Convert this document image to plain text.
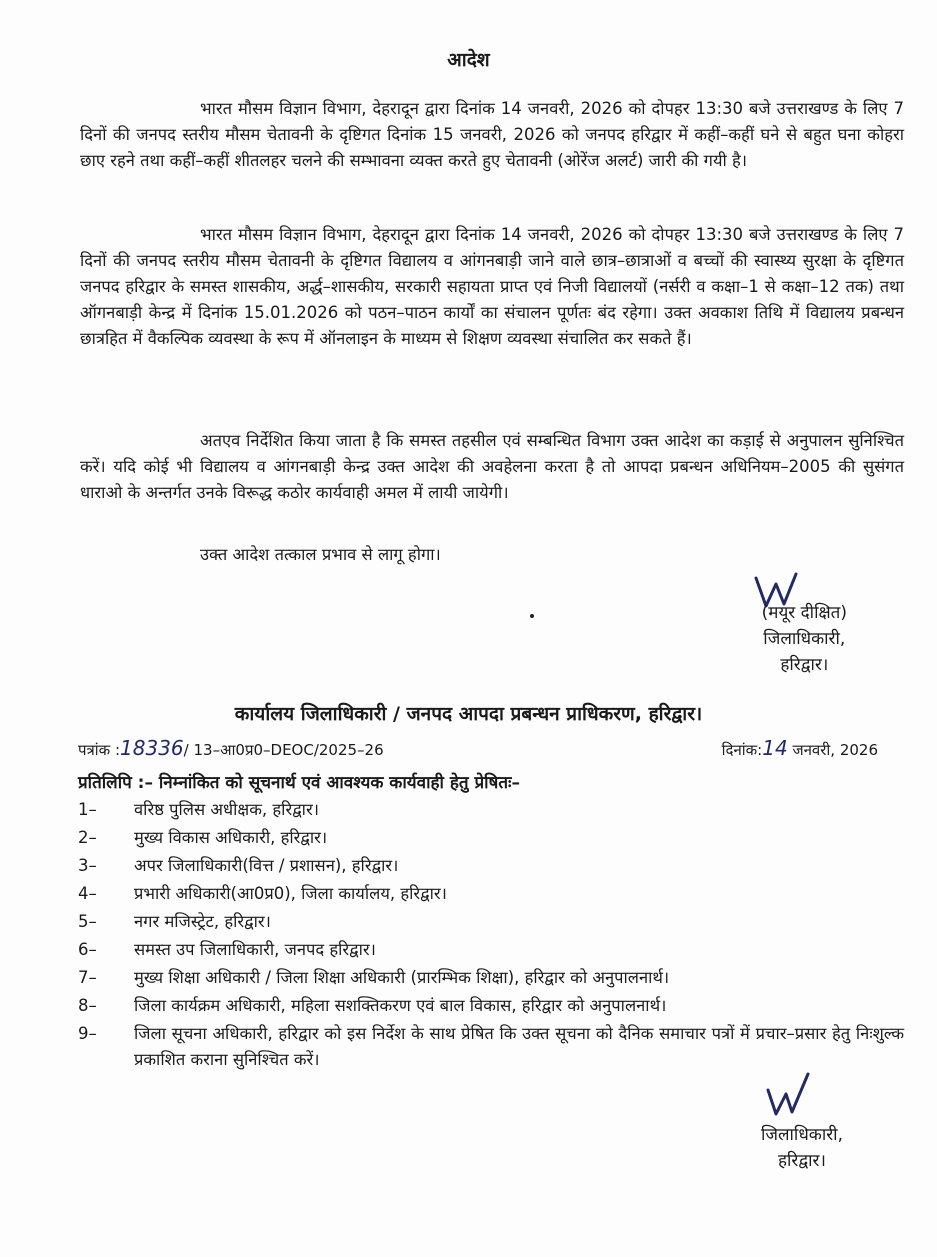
आदेश
भारत मौसम विज्ञान विभाग, देहरादून द्वारा दिनांक 14 जनवरी, 2026 को दोपहर 13:30 बजे उत्तराखण्ड के लिए 7 दिनों की जनपद स्तरीय मौसम चेतावनी के दृष्टिगत दिनांक 15 जनवरी, 2026 को जनपद हरिद्वार में कहीं–कहीं घने से बहुत घना कोहरा छाए रहने तथा कहीं–कहीं शीतलहर चलने की सम्भावना व्यक्त करते हुए चेतावनी (ओरेंज अलर्ट) जारी की गयी है।
भारत मौसम विज्ञान विभाग, देहरादून द्वारा दिनांक 14 जनवरी, 2026 को दोपहर 13:30 बजे उत्तराखण्ड के लिए 7 दिनों की जनपद स्तरीय मौसम चेतावनी के दृष्टिगत विद्यालय व आंगनबाड़ी जाने वाले छात्र–छात्राओं व बच्चों की स्वास्थ्य सुरक्षा के दृष्टिगत जनपद हरिद्वार के समस्त शासकीय, अर्द्ध–शासकीय, सरकारी सहायता प्राप्त एवं निजी विद्यालयों (नर्सरी व कक्षा–1 से कक्षा–12 तक) तथा ऑगनबाड़ी केन्द्र में दिनांक 15.01.2026 को पठन–पाठन कार्यों का संचालन पूर्णतः बंद रहेगा। उक्त अवकाश तिथि में विद्यालय प्रबन्धन छात्रहित में वैकल्पिक व्यवस्था के रूप में ऑनलाइन के माध्यम से शिक्षण व्यवस्था संचालित कर सकते हैं।
अतएव निर्देशित किया जाता है कि समस्त तहसील एवं सम्बन्धित विभाग उक्त आदेश का कड़ाई से अनुपालन सुनिश्चित करें। यदि कोई भी विद्यालय व आंगनबाड़ी केन्द्र उक्त आदेश की अवहेलना करता है तो आपदा प्रबन्धन अधिनियम–2005 की सुसंगत धाराओ के अन्तर्गत उनके विरूद्ध कठोर कार्यवाही अमल में लायी जायेगी।
उक्त आदेश तत्काल प्रभाव से लागू होगा।
(मयूर दीक्षित)
जिलाधिकारी,
हरिद्वार।
कार्यालय जिलाधिकारी / जनपद आपदा प्रबन्धन प्राधिकरण, हरिद्वार।
पत्रांक :18336/ 13–आ0प्र0–DEOC/2025–26	दिनांक:14 जनवरी, 2026
प्रतिलिपि :– निम्नांकित को सूचनार्थ एवं आवश्यक कार्यवाही हेतु प्रेषितः–
1–	वरिष्ठ पुलिस अधीक्षक, हरिद्वार।
2–	मुख्य विकास अधिकारी, हरिद्वार।
3–	अपर जिलाधिकारी(वित्त / प्रशासन), हरिद्वार।
4–	प्रभारी अधिकारी(आ0प्र0), जिला कार्यालय, हरिद्वार।
5–	नगर मजिस्ट्रेट, हरिद्वार।
6–	समस्त उप जिलाधिकारी, जनपद हरिद्वार।
7–	मुख्य शिक्षा अधिकारी / जिला शिक्षा अधिकारी (प्रारम्भिक शिक्षा), हरिद्वार को अनुपालनार्थ।
8–	जिला कार्यक्रम अधिकारी, महिला सशक्तिकरण एवं बाल विकास, हरिद्वार को अनुपालनार्थ।
9–	जिला सूचना अधिकारी, हरिद्वार को इस निर्देश के साथ प्रेषित कि उक्त सूचना को दैनिक समाचार पत्रों में प्रचार–प्रसार हेतु निःशुल्क प्रकाशित कराना सुनिश्चित करें।
जिलाधिकारी,
हरिद्वार।
